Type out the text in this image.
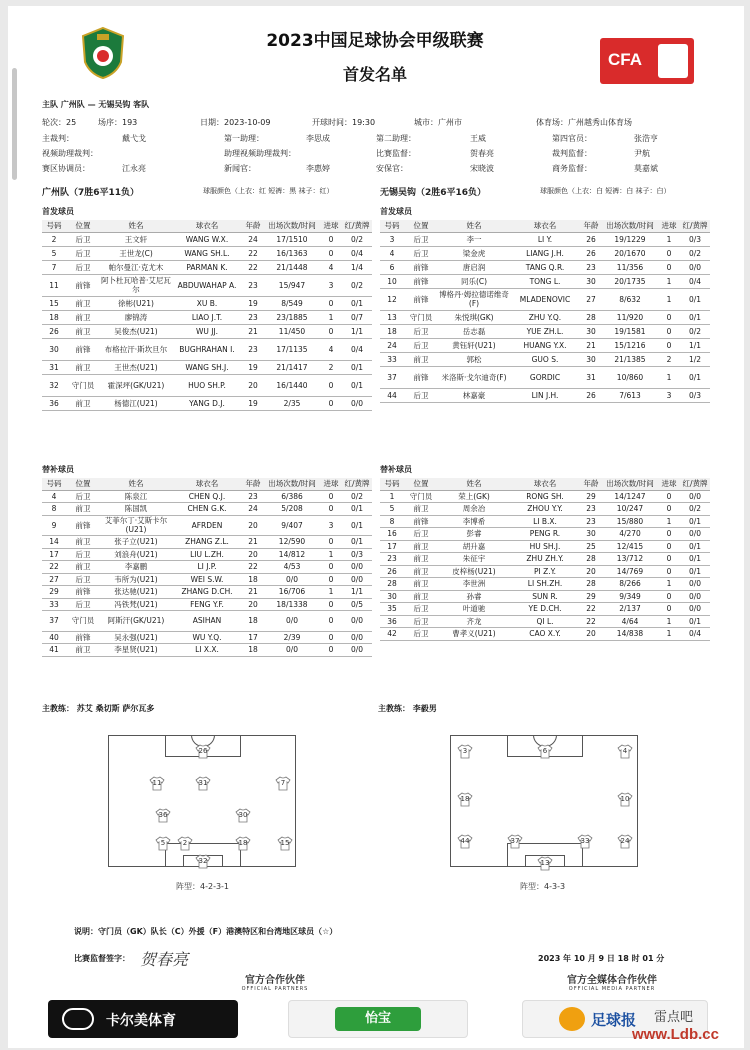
CFA
2023中国足球协会甲级联赛
首发名单
主队 广州队 — 无锡吴钩 客队
轮次：25	场序：193	日期：2023-10-09	开球时间：19:30	城市：广州市	体育场：广州越秀山体育场
主裁判：	戴弋戈	第一助理：	李思成	第二助理：	王威	第四官员：	张浩亨
视频助理裁判：	助理视频助理裁判：	比赛监督：	贺春亮	裁判监督：	尹航
赛区协调员：	江永亮	新闻官：	李惠婷	安保官：	宋晓波	商务监督：	莫嘉斌
广州队（7胜6平11负）	球服颜色（上衣：红 短裤：黑 袜子：红）	无锡吴钩（2胜6平16负）	球服颜色（上衣：白 短裤：白 袜子：白）
首发球员	首发球员
号码	位置	姓名	球衣名	年龄	出场次数/时间	进球	红/黄牌
2	后卫	王文轩	WANG W.X.	24	17/1510	0	0/2
5	后卫	王世龙(C)	WANG SH.L.	22	16/1363	0	0/4
7	后卫	帕尔曼江·克尤木	PARMAN K.	22	21/1448	4	1/4
11	前锋	阿卜杜瓦哈普·艾尼瓦尔	ABDUWAHAP A.	23	15/947	3	0/2
15	前卫	徐彬(U21)	XU B.	19	8/549	0	0/1
18	前卫	廖锦涛	LIAO J.T.	23	23/1885	1	0/7
26	前卫	吴俊杰(U21)	WU JJ.	21	11/450	0	1/1
30	前锋	布格拉汗·斯坎旦尔	BUGHRAHAN I.	23	17/1135	4	0/4
31	前卫	王世杰(U21)	WANG SH.J.	19	21/1417	2	0/1
32	守门员	霍深坪(GK/U21)	HUO SH.P.	20	16/1440	0	0/1
36	前卫	杨德江(U21)	YANG D.J.	19	2/35	0	0/0
号码	位置	姓名	球衣名	年龄	出场次数/时间	进球	红/黄牌
3	后卫	李一	LI Y.	26	19/1229	1	0/3
4	后卫	梁金虎	LIANG J.H.	26	20/1670	0	0/2
6	前锋	唐启润	TANG Q.R.	23	11/356	0	0/0
10	前锋	同乐(C)	TONG L.	30	20/1735	1	0/4
12	前锋	博格丹·姆拉德诺维奇(F)	MLADENOVIC	27	8/632	1	0/1
13	守门员	朱悦琪(GK)	ZHU Y.Q.	28	11/920	0	0/1
18	后卫	岳志磊	YUE ZH.L.	30	19/1581	0	0/2
24	后卫	黄钰轩(U21)	HUANG Y.X.	21	15/1216	0	1/1
33	前卫	郭松	GUO S.	30	21/1385	2	1/2
37	前锋	米洛斯·戈尔迪奇(F)	GORDIC	31	10/860	1	0/1
44	后卫	林嘉豪	LIN J.H.	26	7/613	3	0/3
替补球员	替补球员
号码	位置	姓名	球衣名	年龄	出场次数/时间	进球	红/黄牌
4	后卫	陈泉江	CHEN Q.J.	23	6/386	0	0/2
8	前卫	陈国凯	CHEN G.K.	24	5/208	0	0/1
9	前锋	艾菲尔丁·艾斯卡尔(U21)	AFRDEN	20	9/407	3	0/1
14	前卫	张子立(U21)	ZHANG Z.L.	21	12/590	0	0/1
17	后卫	刘浪舟(U21)	LIU L.ZH.	20	14/812	1	0/3
22	前卫	李嘉鹏	LI J.P.	22	4/53	0	0/0
27	后卫	韦所为(U21)	WEI S.W.	18	0/0	0	0/0
29	前锋	张达驰(U21)	ZHANG D.CH.	21	16/706	1	1/1
33	后卫	冯铁梵(U21)	FENG Y.F.	20	18/1338	0	0/5
37	守门员	阿斯汗(GK/U21)	ASIHAN	18	0/0	0	0/0
40	前锋	吴永强(U21)	WU Y.Q.	17	2/39	0	0/0
41	前卫	李星贤(U21)	LI X.X.	18	0/0	0	0/0
号码	位置	姓名	球衣名	年龄	出场次数/时间	进球	红/黄牌
1	守门员	荣上(GK)	RONG SH.	29	14/1247	0	0/0
5	前卫	周余冶	ZHOU Y.Y.	23	10/247	0	0/2
8	前锋	李博希	LI B.X.	23	15/880	1	0/1
16	后卫	彭睿	PENG R.	30	4/270	0	0/0
17	前卫	胡升嘉	HU SH.J.	25	12/415	0	0/1
23	前卫	朱征宇	ZHU ZH.Y.	28	13/712	0	0/1
26	前卫	皮梓杨(U21)	PI Z.Y.	20	14/769	0	0/1
28	前卫	李世洲	LI SH.ZH.	28	8/266	1	0/0
30	前卫	孙睿	SUN R.	29	9/349	0	0/0
35	后卫	叶道驰	YE D.CH.	22	2/137	0	0/0
36	后卫	齐龙	QI L.	22	4/64	1	0/1
42	后卫	曹孝义(U21)	CAO X.Y.	20	14/838	1	0/4
主教练： 苏艾 桑切斯 萨尔瓦多	主教练： 李毅男
26
11	31	7
36	30
5	2	18	15
32
3	6	4
18	10
44	37	33	24
13
阵型：4-2-3-1	阵型：4-3-3
说明：守门员（GK）队长（C）外援（F）港澳特区和台湾地区球员（☆）
比赛监督签字： 贺春亮	2023 年 10 月 9 日 18 时 01 分
官方合作伙伴
OFFICIAL PARTNERS
官方全媒体合作伙伴
OFFICIAL MEDIA PARTNER
卡尔美体育	怡宝	足球报 雷点吧
www.Ldb.cc
